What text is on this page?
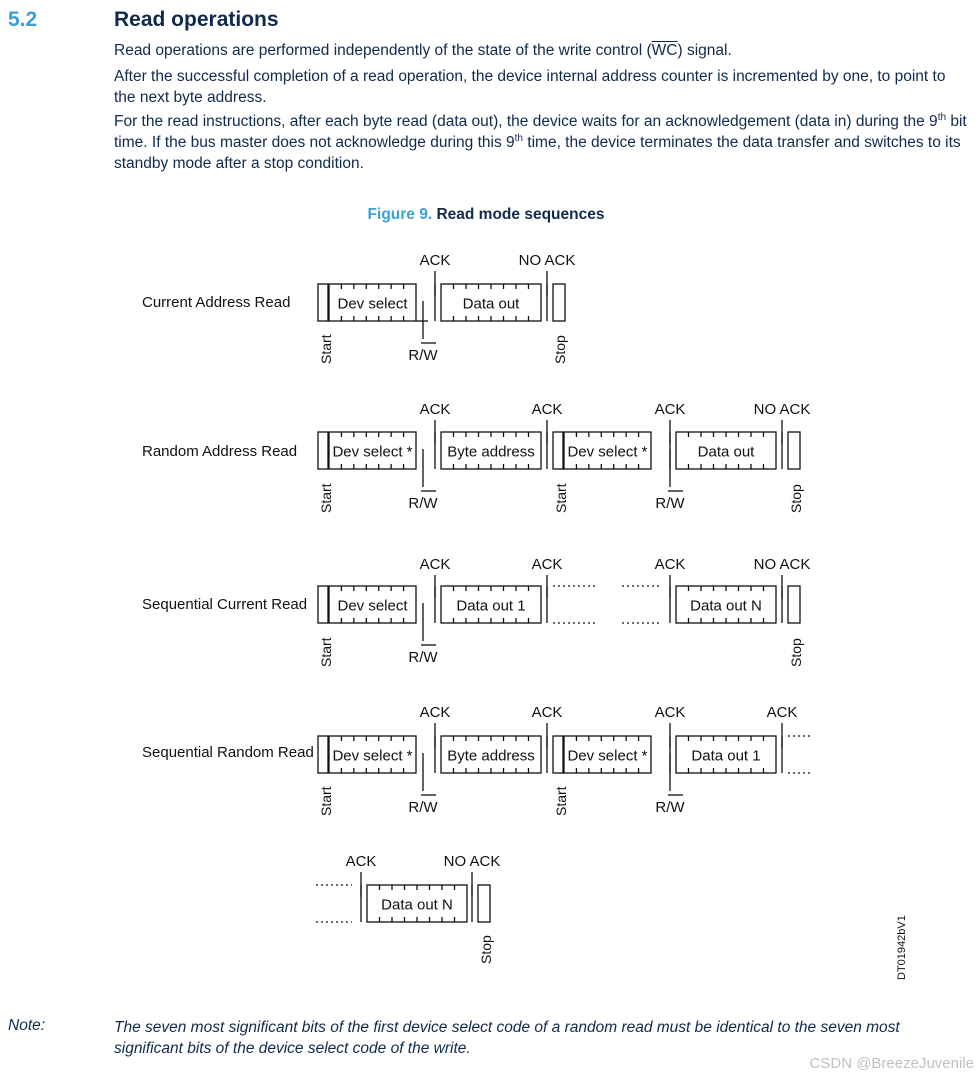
5.2	Read operations
Read operations are performed independently of the state of the write control $(\overline{WC})$ signal.
After the successful completion of a read operation, the device internal address counter is incremented by one, to point to the next byte address.
For the read instructions, after each byte read (data out), the device waits for an acknowledgement (data in) during the 9th bit time. If the bus master does not acknowledge during this 9th time, the device terminates the data transfer and switches to its standby mode after a stop condition.
Figure 9. Read mode sequences
Current Address Read	Dev select
ACK
Data out
NO ACK
R/W
Start	Stop
Random Address Read Dev select *
ACK
Byte address
ACK
Dev select *
ACK
Data out
NO ACK
R/W	R/W
Start	Start	Stop
Sequential Current Read Dev select
ACK
Data out 1
ACK	ACK
Data out N
NO ACK
R/W
Start	Stop
Sequential Random Read Dev select *
ACK
Byte address
ACK
Dev select *
ACK
Data out 1
ACK
R/W	R/W
Start	Start
ACK
Data out N
NO ACK
Stop	DT01942bV1
Note:	The seven most significant bits of the first device select code of a random read must be identical to the seven most significant bits of the device select code of the write.
CSDN @BreezeJuvenile
